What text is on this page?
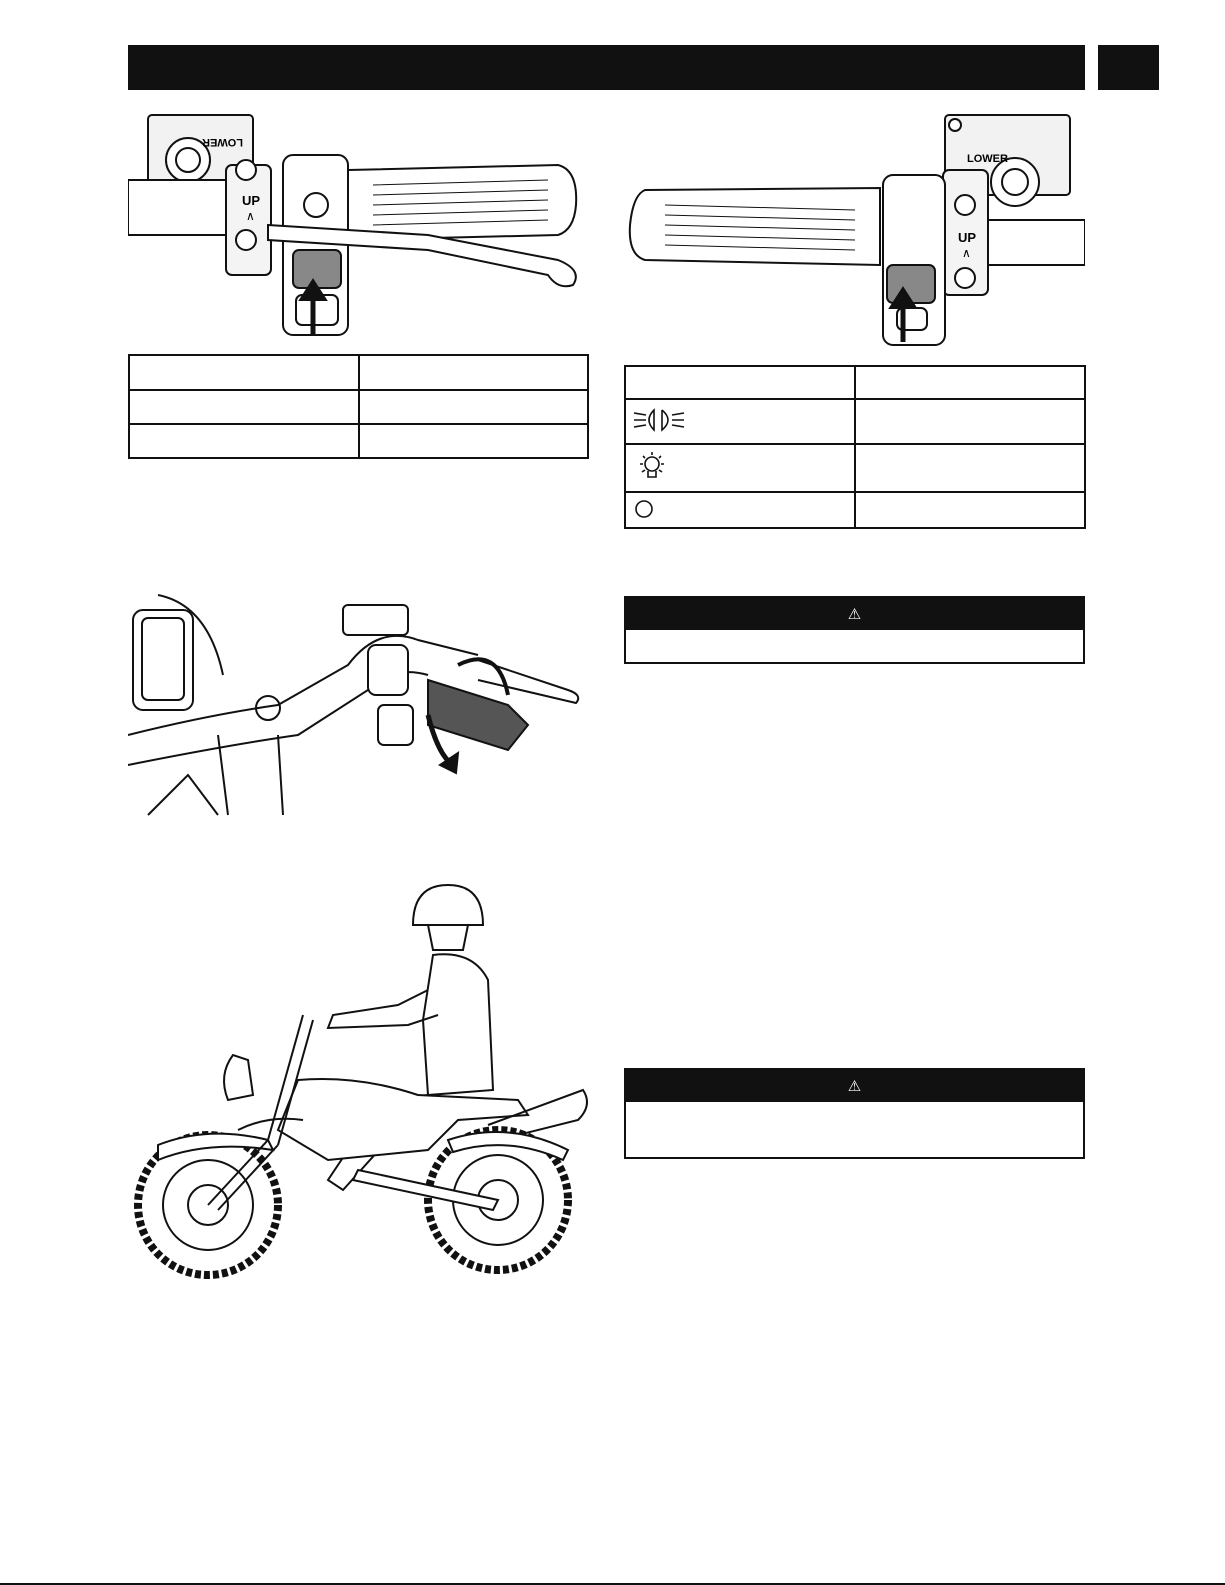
LOWER
UP
∧

LOWER
UP
∧

⚠
⚠
